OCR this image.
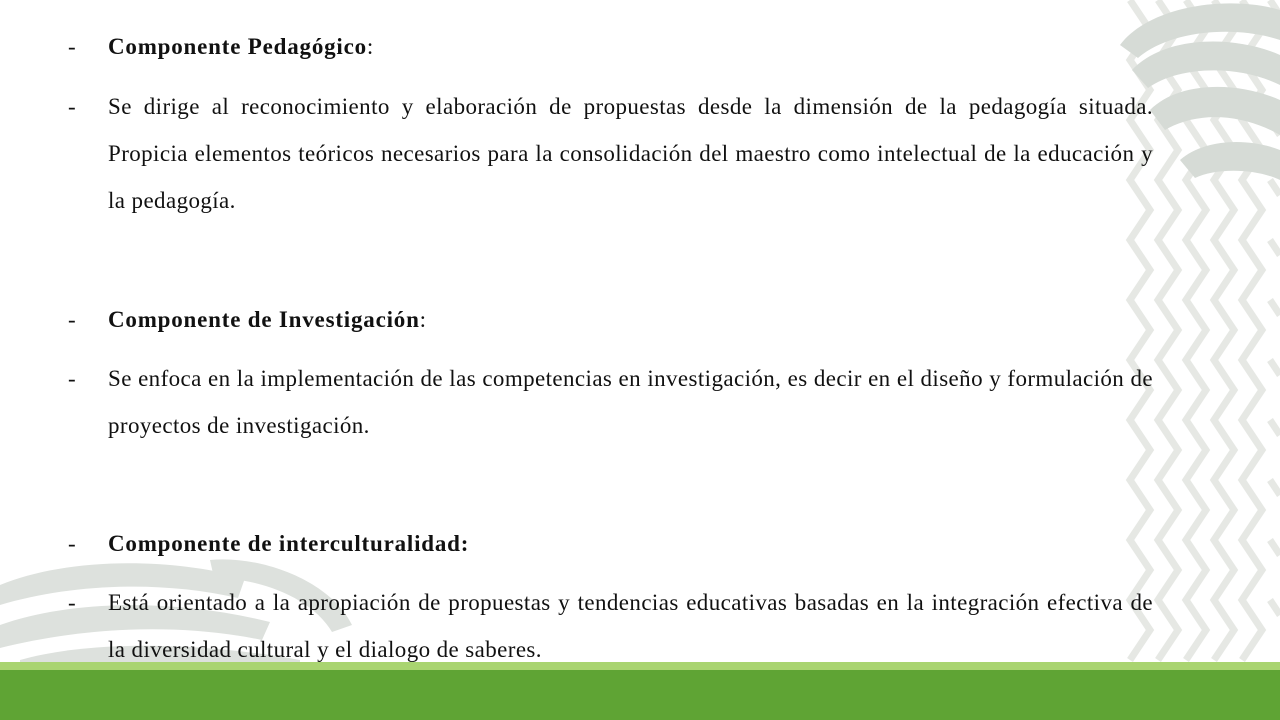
-	Componente Pedagógico:
-	Se dirige al reconocimiento y elaboración de propuestas desde la dimensión de la pedagogía situada. Propicia elementos teóricos necesarios para la consolidación del maestro como intelectual de la educación y la pedagogía.
-	Componente de Investigación:
-	Se enfoca en la implementación de las competencias en investigación, es decir en el diseño y formulación de proyectos de investigación.
-	Componente de interculturalidad:
-	Está orientado a la apropiación de propuestas y tendencias educativas basadas en la integración efectiva de la diversidad cultural y el dialogo de saberes.
